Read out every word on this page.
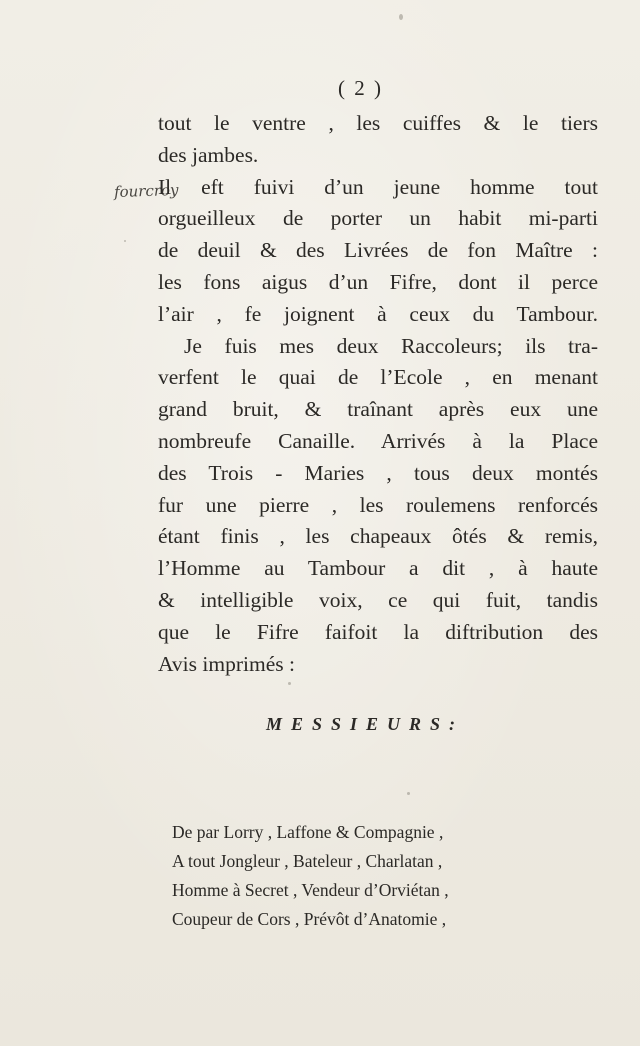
( 2 )
fourcroy
tout le ventre , les cuiffes & le tiers
des jambes.
Il eft fuivi d’un jeune homme tout
orgueilleux de porter un habit mi-parti
de deuil & des Livrées de fon Maître :
les fons aigus d’un Fifre, dont il perce
l’air , fe joignent à ceux du Tambour.
Je fuis mes deux Raccoleurs; ils tra-
verfent le quai de l’Ecole , en menant
grand bruit, & traînant après eux une
nombreufe Canaille. Arrivés à la Place
des Trois - Maries , tous deux montés
fur une pierre , les roulemens renforcés
étant finis , les chapeaux ôtés & remis,
l’Homme au Tambour a dit , à haute
& intelligible voix, ce qui fuit, tandis
que le Fifre faifoit la diftribution des
Avis imprimés :
MESSIEURS:
De par Lorry , Laffone & Compagnie ,
A tout Jongleur , Bateleur , Charlatan ,
Homme à Secret , Vendeur d’Orviétan ,
Coupeur de Cors , Prévôt d’Anatomie ,
